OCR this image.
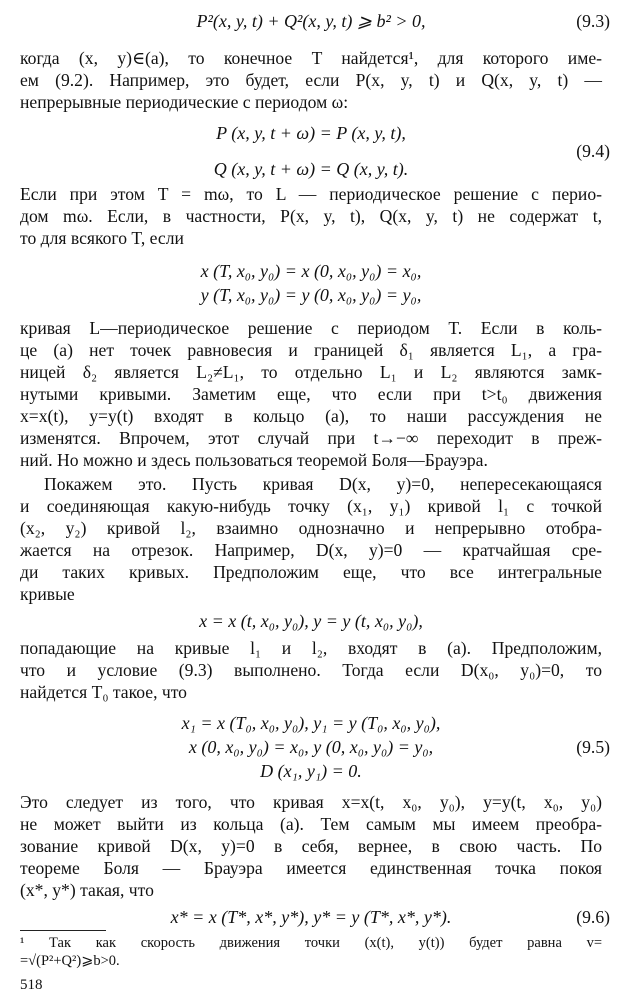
P²(x, y, t) + Q²(x, y, t) ⩾ b² > 0,	(9.3)
когда (x, y)∈(a), то конечное T найдется¹, для которого име-
ем (9.2). Например, это будет, если P(x, y, t) и Q(x, y, t) —
непрерывные периодические с периодом ω:
P (x, y, t + ω) = P (x, y, t),
(9.4)
Q (x, y, t + ω) = Q (x, y, t).
Если при этом T = mω, то L — периодическое решение с перио-
дом mω. Если, в частности, P(x, y, t), Q(x, y, t) не содержат t,
то для всякого T, если
x (T, x₀, y₀) = x (0, x₀, y₀) = x₀,
y (T, x₀, y₀) = y (0, x₀, y₀) = y₀,
кривая L—периодическое решение с периодом T. Если в коль-
це (a) нет точек равновесия и границей δ₁ является L₁, а гра-
ницей δ₂ является L₂≠L₁, то отдельно L₁ и L₂ являются замк-
нутыми кривыми. Заметим еще, что если при t>t₀ движения
x=x(t), y=y(t) входят в кольцо (a), то наши рассуждения не
изменятся. Впрочем, этот случай при t→−∞ переходит в преж-
ний. Но можно и здесь пользоваться теоремой Боля—Брауэра.
Покажем это. Пусть кривая D(x, y)=0, непересекающаяся
и соединяющая какую-нибудь точку (x₁, y₁) кривой l₁ с точкой
(x₂, y₂) кривой l₂, взаимно однозначно и непрерывно отобра-
жается на отрезок. Например, D(x, y)=0 — кратчайшая сре-
ди таких кривых. Предположим еще, что все интегральные
кривые
x = x (t, x₀, y₀), y = y (t, x₀, y₀),
попадающие на кривые l₁ и l₂, входят в (a). Предположим,
что и условие (9.3) выполнено. Тогда если D(x₀, y₀)=0, то
найдется T₀ такое, что
x₁ = x (T₀, x₀, y₀), y₁ = y (T₀, x₀, y₀),
x (0, x₀, y₀) = x₀, y (0, x₀, y₀) = y₀,	(9.5)
D (x₁, y₁) = 0.
Это следует из того, что кривая x=x(t, x₀, y₀), y=y(t, x₀, y₀)
не может выйти из кольца (a). Тем самым мы имеем преобра-
зование кривой D(x, y)=0 в себя, вернее, в свою часть. По
теореме Боля — Брауэра имеется единственная точка покоя
(x*, y*) такая, что
x* = x (T*, x*, y*), y* = y (T*, x*, y*).	(9.6)
¹ Так как скорость движения точки (x(t), y(t)) будет равна v=
=√(P²+Q²)⩾b>0.
518
